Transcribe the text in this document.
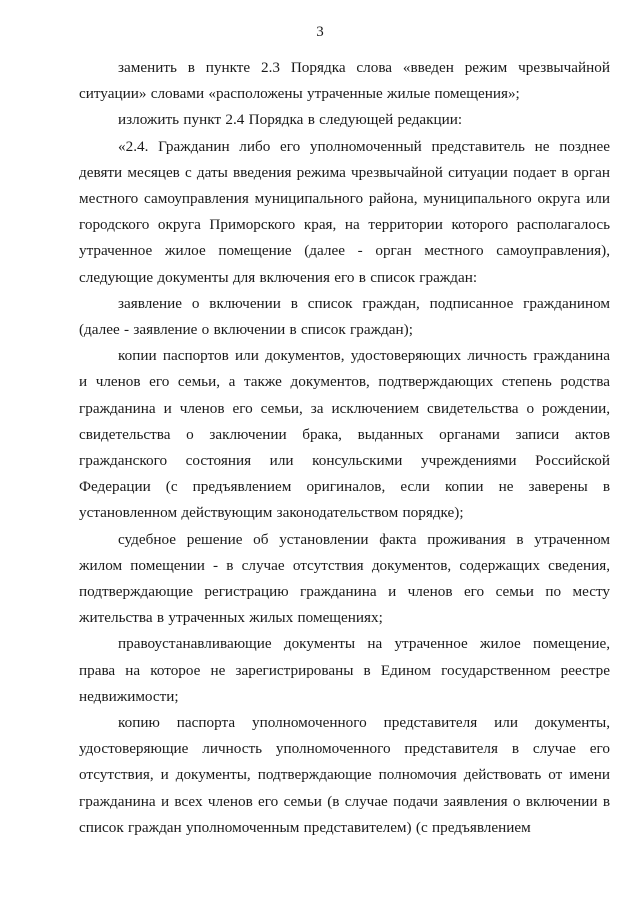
3

заменить в пункте 2.3 Порядка слова «введен режим чрезвычайной ситуации» словами «расположены утраченные жилые помещения»;

изложить пункт 2.4 Порядка в следующей редакции:

«2.4. Гражданин либо его уполномоченный представитель не позднее девяти месяцев с даты введения режима чрезвычайной ситуации подает в орган местного самоуправления муниципального района, муниципального округа или городского округа Приморского края, на территории которого располагалось утраченное жилое помещение (далее - орган местного самоуправления), следующие документы для включения его в список граждан:

заявление о включении в список граждан, подписанное гражданином (далее - заявление о включении в список граждан);

копии паспортов или документов, удостоверяющих личность гражданина и членов его семьи, а также документов, подтверждающих степень родства гражданина и членов его семьи, за исключением свидетельства о рождении, свидетельства о заключении брака, выданных органами записи актов гражданского состояния или консульскими учреждениями Российской Федерации (с предъявлением оригиналов, если копии не заверены в установленном действующим законодательством порядке);

судебное решение об установлении факта проживания в утраченном жилом помещении - в случае отсутствия документов, содержащих сведения, подтверждающие регистрацию гражданина и членов его семьи по месту жительства в утраченных жилых помещениях;

правоустанавливающие документы на утраченное жилое помещение, права на которое не зарегистрированы в Едином государственном реестре недвижимости;

копию паспорта уполномоченного представителя или документы, удостоверяющие личность уполномоченного представителя в случае его отсутствия, и документы, подтверждающие полномочия действовать от имени гражданина и всех членов его семьи (в случае подачи заявления о включении в список граждан уполномоченным представителем) (с предъявлением
